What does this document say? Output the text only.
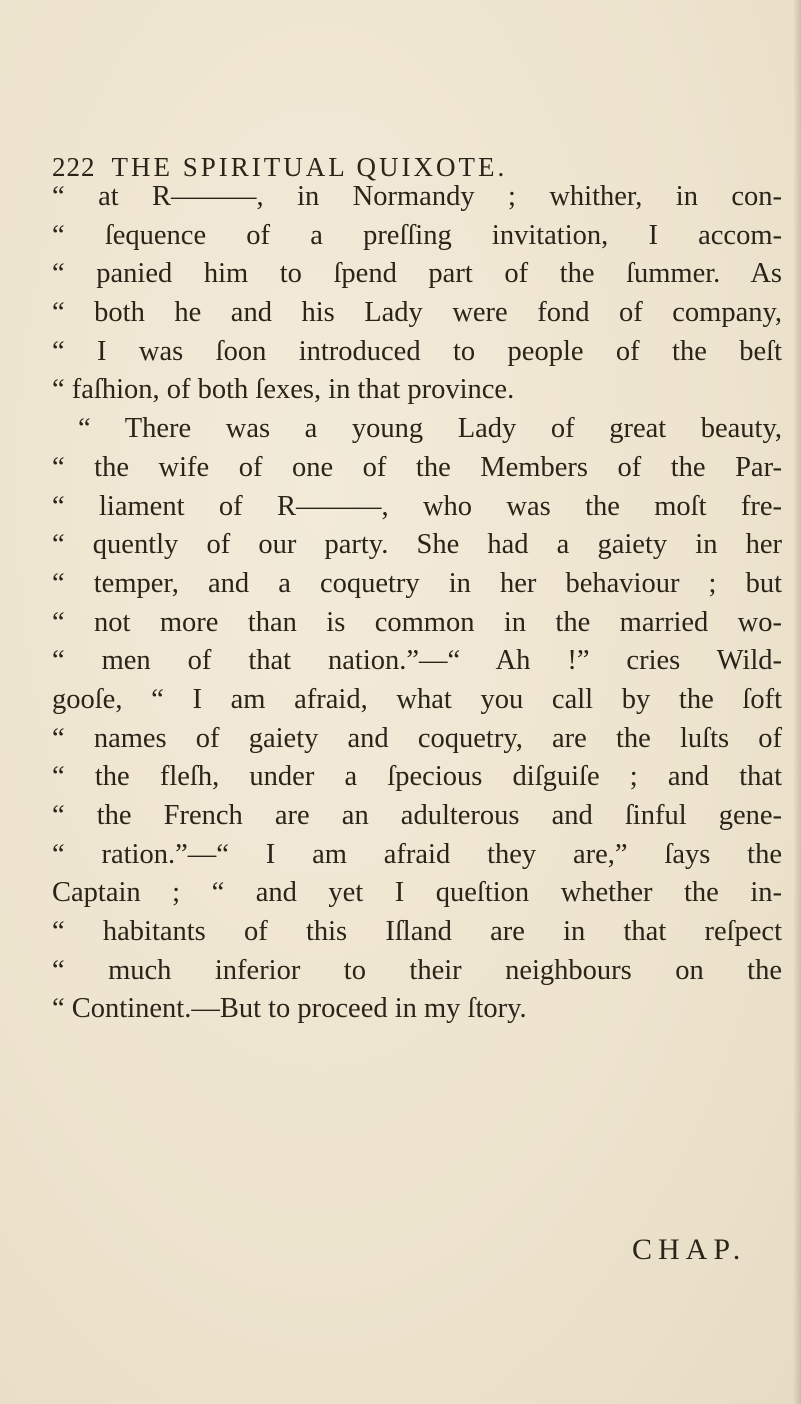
222 THE SPIRITUAL QUIXOTE.
“ at R———, in Normandy ; whither, in con-
“ ſequence of a preſſing invitation, I accom-
“ panied him to ſpend part of the ſummer. As
“ both he and his Lady were fond of company,
“ I was ſoon introduced to people of the beſt
“ faſhion, of both ſexes, in that province.
“ There was a young Lady of great beauty,
“ the wife of one of the Members of the Par-
“ liament of R———, who was the moſt fre-
“ quently of our party. She had a gaiety in her
“ temper, and a coquetry in her behaviour ; but
“ not more than is common in the married wo-
“ men of that nation.”—“ Ah !” cries Wild-
gooſe, “ I am afraid, what you call by the ſoft
“ names of gaiety and coquetry, are the luſts of
“ the fleſh, under a ſpecious diſguiſe ; and that
“ the French are an adulterous and ſinful gene-
“ ration.”—“ I am afraid they are,” ſays the
Captain ; “ and yet I queſtion whether the in-
“ habitants of this Iſland are in that reſpect
“ much inferior to their neighbours on the
“ Continent.—But to proceed in my ſtory.
CHAP.
